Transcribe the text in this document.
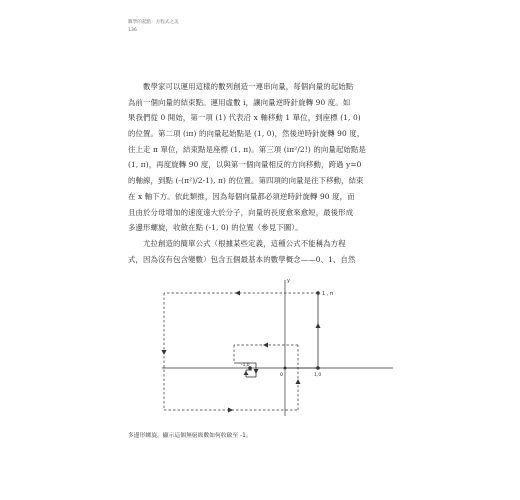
數學的起點：方程式之美
136
數學家可以運用這樣的數列創造一連串向量，每個向量的起始點
為前一個向量的結束點。運用虛數 i，讓向量逆時針旋轉 90 度。如
果我們從 0 開始，第一項 (1) 代表沿 x 軸移動 1 單位，到座標 (1, 0)
的位置。第二項 (iπ) 的向量起始點是 (1, 0)，然後逆時針旋轉 90 度，
往上走 π 單位，結束點是座標 (1, π)。第三項 (iπ²/2!) 的向量起始點是
(1, π)，再度旋轉 90 度，以與第一個向量相反的方向移動，跨過 y=0
的軸線，到點 (-(π²)/2-1), π) 的位置。第四項的向量是往下移動，結束
在 x 軸下方。依此類推，因為每個向量都必須逆時針旋轉 90 度，而
且由於分母增加的速度遠大於分子，向量的長度愈來愈短，最後形成
多邊形螺旋，收斂在點 (-1, 0) 的位置（參見下圖）。
尤拉創造的簡單公式（根據某些定義，這種公式不能稱為方程
式，因為沒有包含變數）包含五個最基本的數學概念——0、1、自然
y
1 , π
-1,0
0	1,0
多邊形螺旋，顯示這個無窮級數如何收斂至 -1。
